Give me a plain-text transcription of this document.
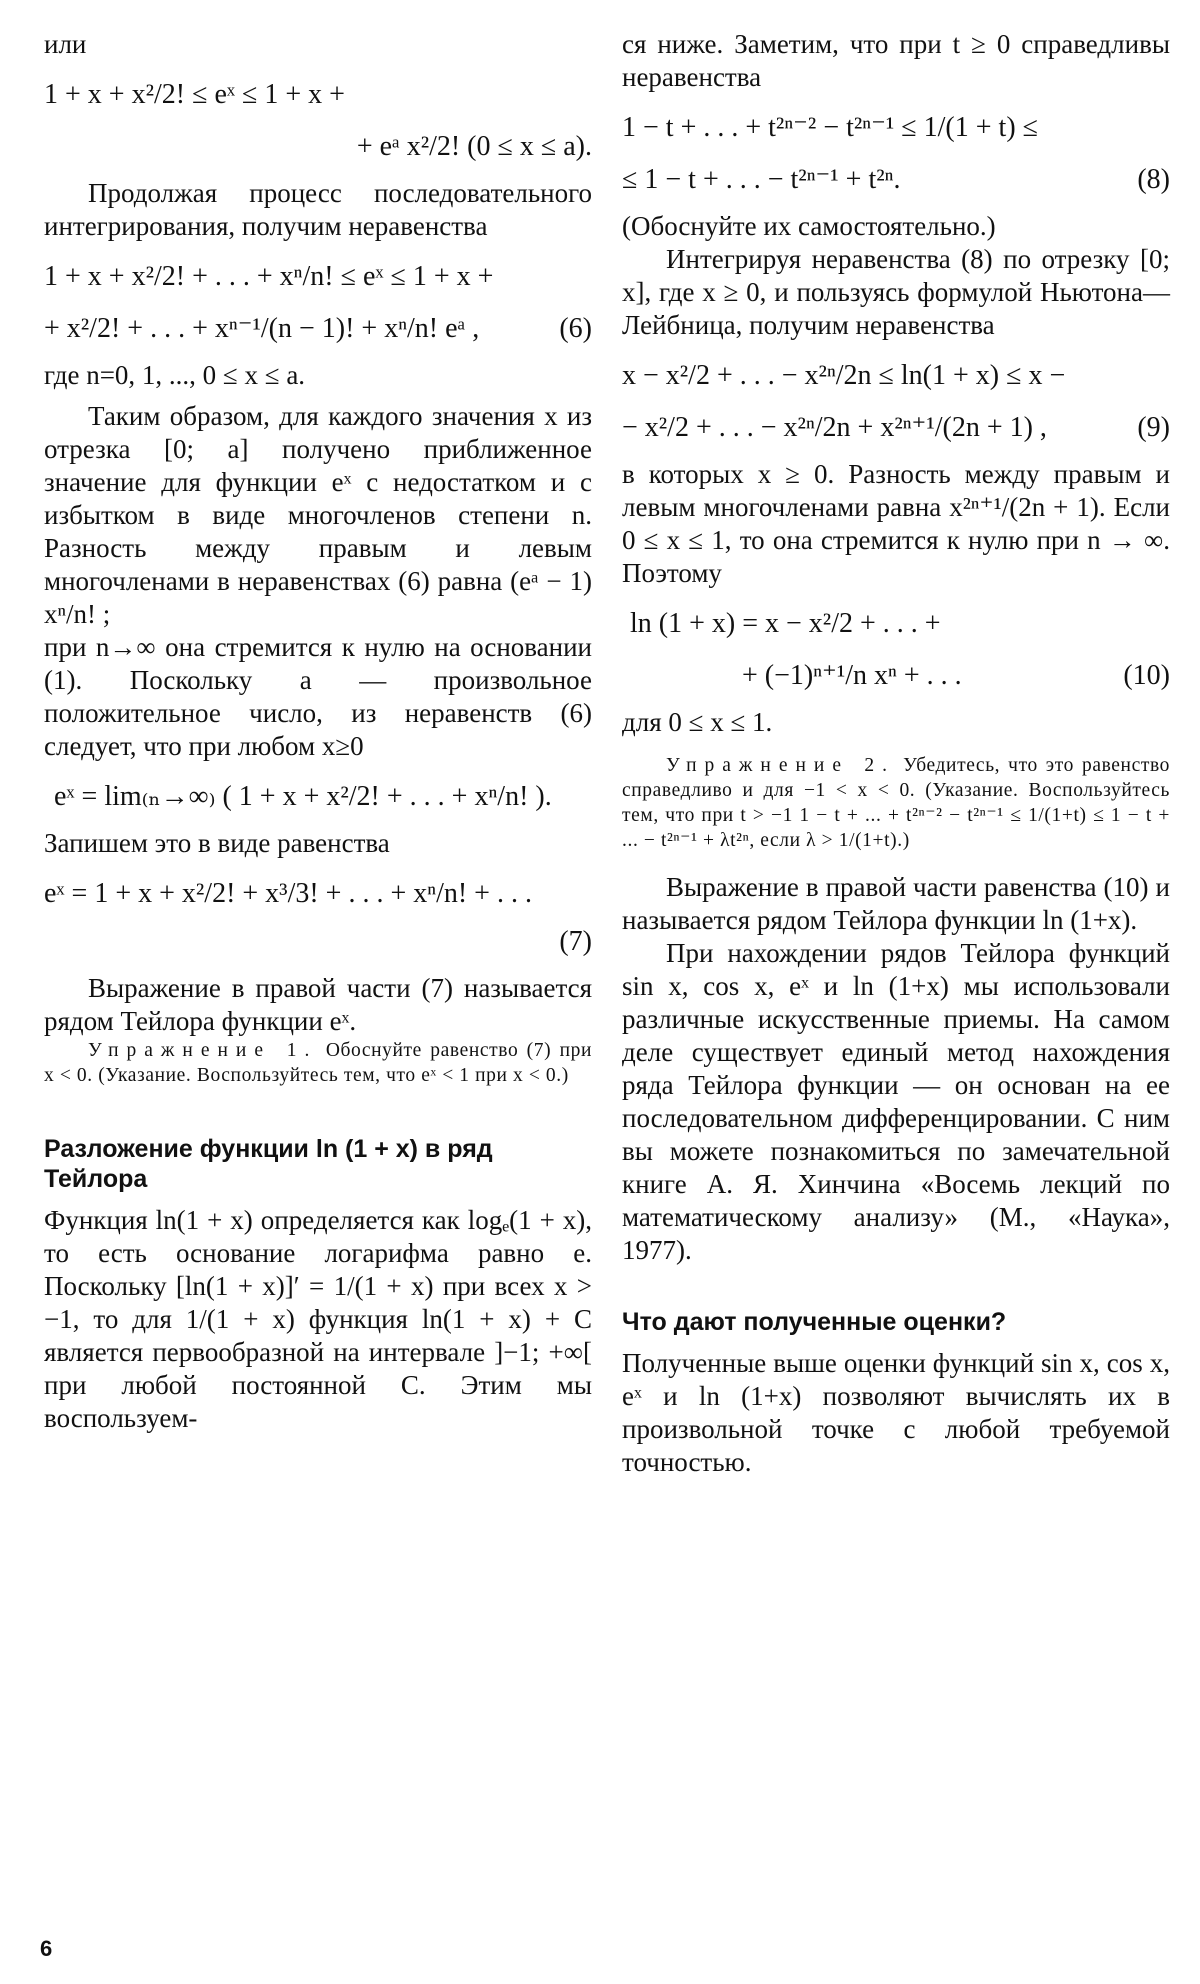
или

1 + x + x²/2! ≤ eˣ ≤ 1 + x +
+ eᵃ x²/2! (0 ≤ x ≤ a).

Продолжая процесс последовательного интегрирования, получим неравенства

1 + x + x²/2! + . . . + xⁿ/n! ≤ eˣ ≤ 1 + x +
+ x²/2! + . . . + xⁿ⁻¹/(n − 1)! + xⁿ/n! eᵃ ,	(6)

где n=0, 1, ..., 0 ≤ x ≤ a.

Таким образом, для каждого значения x из отрезка [0; a] получено приближенное значение для функции eˣ с недостатком и с избытком в виде многочленов степени n. Разность между правым и левым многочленами в неравенствах (6) равна (eᵃ − 1) xⁿ/n! ;

при n→∞ она стремится к нулю на основании (1). Поскольку a — произвольное положительное число, из неравенств (6) следует, что при любом x≥0

eˣ = lim₍ₙ→∞₎ ( 1 + x + x²/2! + . . . + xⁿ/n! ).

Запишем это в виде равенства

eˣ = 1 + x + x²/2! + x³/3! + . . . + xⁿ/n! + . . .
(7)

Выражение в правой части (7) называется рядом Тейлора функции eˣ.

Упражнение 1. Обоснуйте равенство (7) при x < 0. (Указание. Воспользуйтесь тем, что eˣ < 1 при x < 0.)

Разложение функции ln (1 + x) в ряд Тейлора

Функция ln(1 + x) определяется как logₑ(1 + x), то есть основание логарифма равно e. Поскольку [ln(1 + x)]′ = 1/(1 + x) при всех x > −1, то для 1/(1 + x) функция ln(1 + x) + C является первообразной на интервале ]−1; +∞[ при любой постоянной C. Этим мы воспользуем-

ся ниже. Заметим, что при t ≥ 0 справедливы неравенства

1 − t + . . . + t²ⁿ⁻² − t²ⁿ⁻¹ ≤ 1/(1 + t) ≤
≤ 1 − t + . . . − t²ⁿ⁻¹ + t²ⁿ.	(8)

(Обоснуйте их самостоятельно.)

Интегрируя неравенства (8) по отрезку [0; x], где x ≥ 0, и пользуясь формулой Ньютона—Лейбница, получим неравенства

x − x²/2 + . . . − x²ⁿ/2n ≤ ln(1 + x) ≤ x −
− x²/2 + . . . − x²ⁿ/2n + x²ⁿ⁺¹/(2n + 1) ,	(9)

в которых x ≥ 0. Разность между правым и левым многочленами равна x²ⁿ⁺¹/(2n + 1). Если 0 ≤ x ≤ 1, то она стремится к нулю при n → ∞. Поэтому

ln (1 + x) = x − x²/2 + . . . +
+ (−1)ⁿ⁺¹/n xⁿ + . . .	(10)

для 0 ≤ x ≤ 1.

Упражнение 2. Убедитесь, что это равенство справедливо и для −1 < x < 0. (Указание. Воспользуйтесь тем, что при t > −1 1 − t + ... + t²ⁿ⁻² − t²ⁿ⁻¹ ≤ 1/(1+t) ≤ 1 − t + ... − t²ⁿ⁻¹ + λt²ⁿ, если λ > 1/(1+t).)

Выражение в правой части равенства (10) и называется рядом Тейлора функции ln (1+x).

При нахождении рядов Тейлора функций sin x, cos x, eˣ и ln (1+x) мы использовали различные искусственные приемы. На самом деле существует единый метод нахождения ряда Тейлора функции — он основан на ее последовательном дифференцировании. С ним вы можете познакомиться по замечательной книге А. Я. Хинчина «Восемь лекций по математическому анализу» (М., «Наука», 1977).

Что дают полученные оценки?

Полученные выше оценки функций sin x, cos x, eˣ и ln (1+x) позволяют вычислять их в произвольной точке с любой требуемой точностью.

6
